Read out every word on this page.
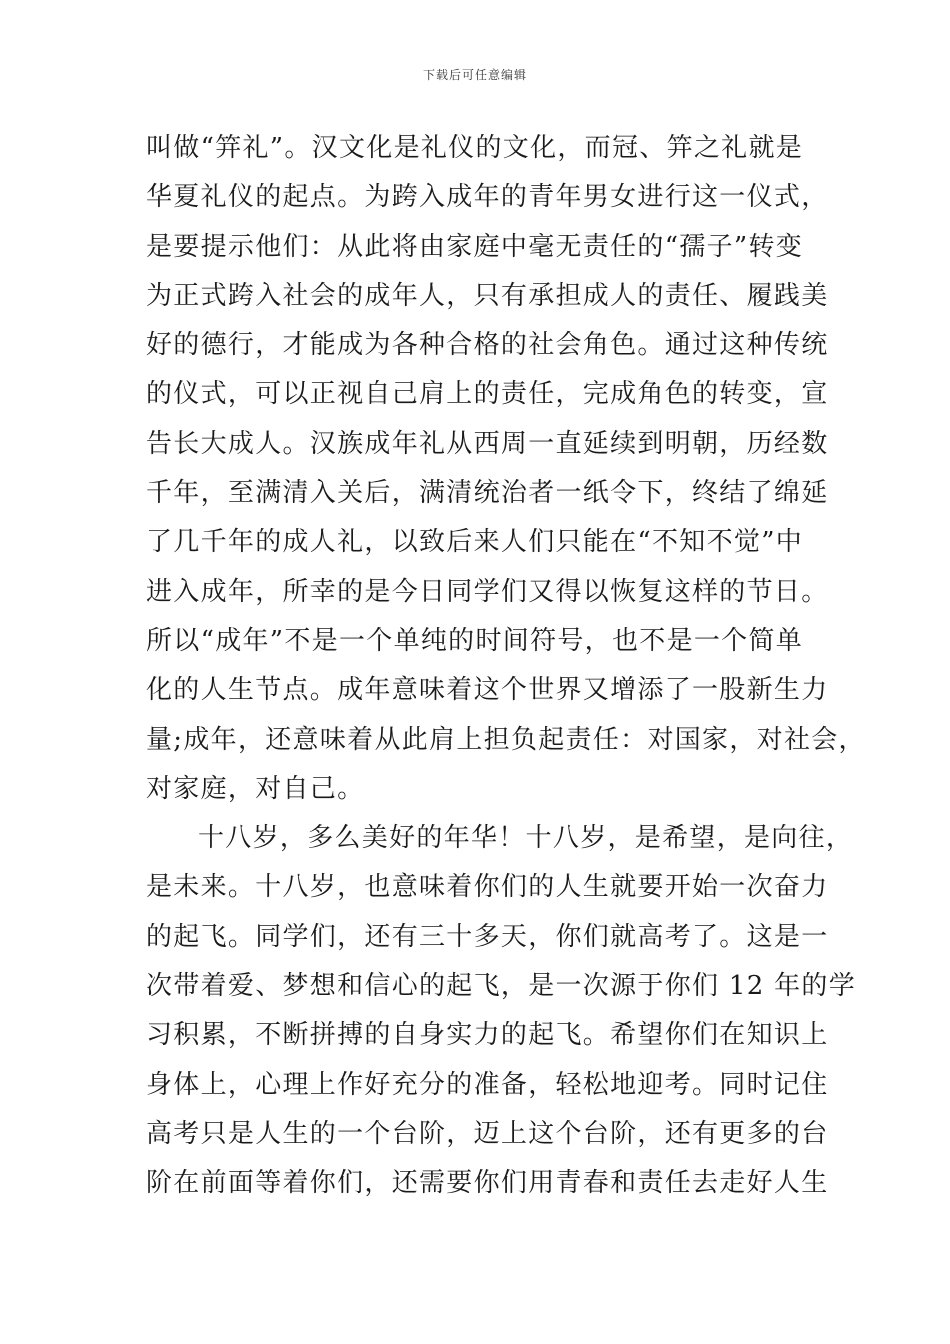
下载后可任意编辑
叫做“笄礼”。汉文化是礼仪的文化，而冠、笄之礼就是
华夏礼仪的起点。为跨入成年的青年男女进行这一仪式，
是要提示他们：从此将由家庭中毫无责任的“孺子”转变
为正式跨入社会的成年人，只有承担成人的责任、履践美
好的德行，才能成为各种合格的社会角色。通过这种传统
的仪式，可以正视自己肩上的责任，完成角色的转变，宣
告长大成人。汉族成年礼从西周一直延续到明朝，历经数
千年，至满清入关后，满清统治者一纸令下，终结了绵延
了几千年的成人礼，以致后来人们只能在“不知不觉”中
进入成年，所幸的是今日同学们又得以恢复这样的节日。
所以“成年”不是一个单纯的时间符号，也不是一个简单
化的人生节点。成年意味着这个世界又增添了一股新生力
量;成年，还意味着从此肩上担负起责任：对国家，对社会，
对家庭，对自己。
十八岁，多么美好的年华！十八岁，是希望，是向往，
是未来。十八岁，也意味着你们的人生就要开始一次奋力
的起飞。同学们，还有三十多天，你们就高考了。这是一
次带着爱、梦想和信心的起飞，是一次源于你们 12 年的学
习积累，不断拼搏的自身实力的起飞。希望你们在知识上
身体上，心理上作好充分的准备，轻松地迎考。同时记住
高考只是人生的一个台阶，迈上这个台阶，还有更多的台
阶在前面等着你们，还需要你们用青春和责任去走好人生
